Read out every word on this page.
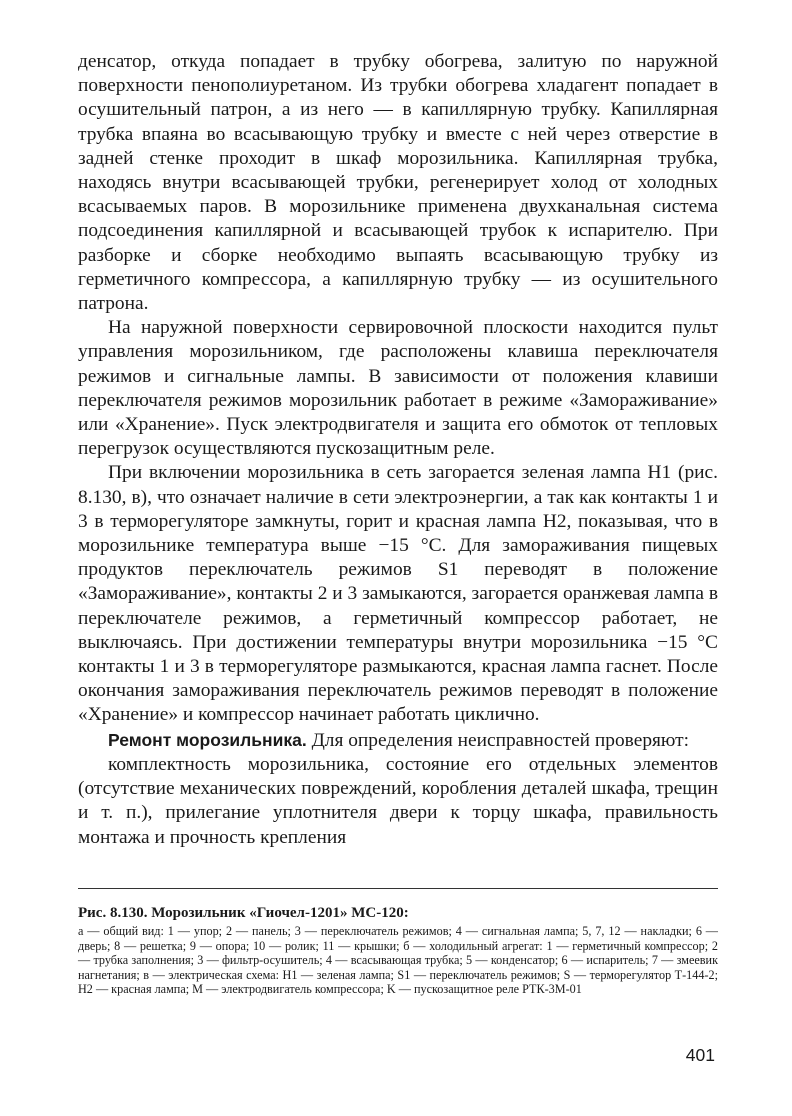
денсатор, откуда попадает в трубку обогрева, залитую по наружной поверхности пенополиуретаном. Из трубки обогрева хладагент попадает в осушительный патрон, а из него — в капиллярную трубку. Капиллярная трубка впаяна во всасывающую трубку и вместе с ней через отверстие в задней стенке проходит в шкаф морозильника. Капиллярная трубка, находясь внутри всасывающей трубки, регенерирует холод от холодных всасываемых паров. В морозильнике применена двухканальная система подсоединения капиллярной и всасывающей трубок к испарителю. При разборке и сборке необходимо выпаять всасывающую трубку из герметичного компрессора, а капиллярную трубку — из осушительного патрона.

На наружной поверхности сервировочной плоскости находится пульт управления морозильником, где расположены клавиша переключателя режимов и сигнальные лампы. В зависимости от положения клавиши переключателя режимов морозильник работает в режиме «Замораживание» или «Хранение». Пуск электродвигателя и защита его обмоток от тепловых перегрузок осуществляются пускозащитным реле.

При включении морозильника в сеть загорается зеленая лампа H1 (рис. 8.130, в), что означает наличие в сети электроэнергии, а так как контакты 1 и 3 в терморегуляторе замкнуты, горит и красная лампа H2, показывая, что в морозильнике температура выше −15 °C. Для замораживания пищевых продуктов переключатель режимов S1 переводят в положение «Замораживание», контакты 2 и 3 замыкаются, загорается оранжевая лампа в переключателе режимов, а герметичный компрессор работает, не выключаясь. При достижении температуры внутри морозильника −15 °C контакты 1 и 3 в терморегуляторе размыкаются, красная лампа гаснет. После окончания замораживания переключатель режимов переводят в положение «Хранение» и компрессор начинает работать циклично.

Ремонт морозильника. Для определения неисправностей проверяют:

комплектность морозильника, состояние его отдельных элементов (отсутствие механических повреждений, коробления деталей шкафа, трещин и т. п.), прилегание уплотнителя двери к торцу шкафа, правильность монтажа и прочность крепления

Рис. 8.130. Морозильник «Гиочел-1201» МС-120:

а — общий вид: 1 — упор; 2 — панель; 3 — переключатель режимов; 4 — сигнальная лампа; 5, 7, 12 — накладки; 6 — дверь; 8 — решетка; 9 — опора; 10 — ролик; 11 — крышки; б — холодильный агрегат: 1 — герметичный компрессор; 2 — трубка заполнения; 3 — фильтр-осушитель; 4 — всасывающая трубка; 5 — конденсатор; 6 — испаритель; 7 — змеевик нагнетания; в — электрическая схема: H1 — зеленая лампа; S1 — переключатель режимов; S — терморегулятор Т-144-2; H2 — красная лампа; M — электродвигатель компрессора; K — пускозащитное реле РТК-3М-01

401
